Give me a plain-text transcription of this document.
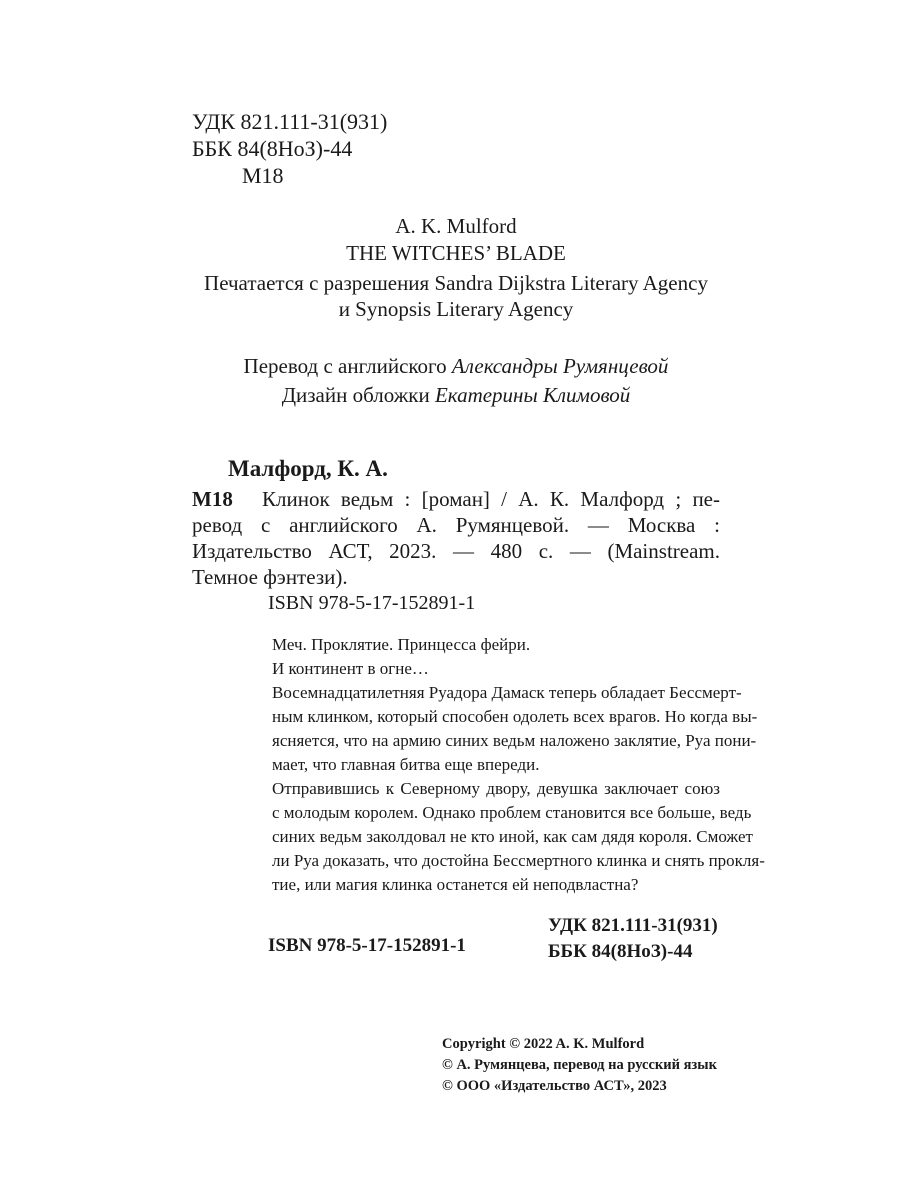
УДК 821.111-31(931)
ББК 84(8НоЗ)-44
М18
A. K. Mulford
THE WITCHES’ BLADE
Печатается с разрешения Sandra Dijkstra Literary Agency
и Synopsis Literary Agency
Перевод с английского Александры Румянцевой
Дизайн обложки Екатерины Климовой
Малфорд, К. А.
М18 Клинок ведьм : [роман] / А. К. Малфорд ; пе-
ревод с английского А. Румянцевой. — Москва :
Издательство АСТ, 2023. — 480 с. — (Mainstream.
Темное фэнтези).
ISBN 978-5-17-152891-1
Меч. Проклятие. Принцесса фейри.
И континент в огне…
Восемнадцатилетняя Руадора Дамаск теперь обладает Бессмерт-
ным клинком, который способен одолеть всех врагов. Но когда вы-
ясняется, что на армию синих ведьм наложено заклятие, Руа пони-
мает, что главная битва еще впереди.
Отправившись к Северному двору, девушка заключает союз
с молодым королем. Однако проблем становится все больше, ведь
синих ведьм заколдовал не кто иной, как сам дядя короля. Сможет
ли Руа доказать, что достойна Бессмертного клинка и снять прокля-
тие, или магия клинка останется ей неподвластна?
ISBN 978-5-17-152891-1
УДК 821.111-31(931)
ББК 84(8НоЗ)-44
Copyright © 2022 A. K. Mulford
© А. Румянцева, перевод на русский язык
© ООО «Издательство АСТ», 2023
